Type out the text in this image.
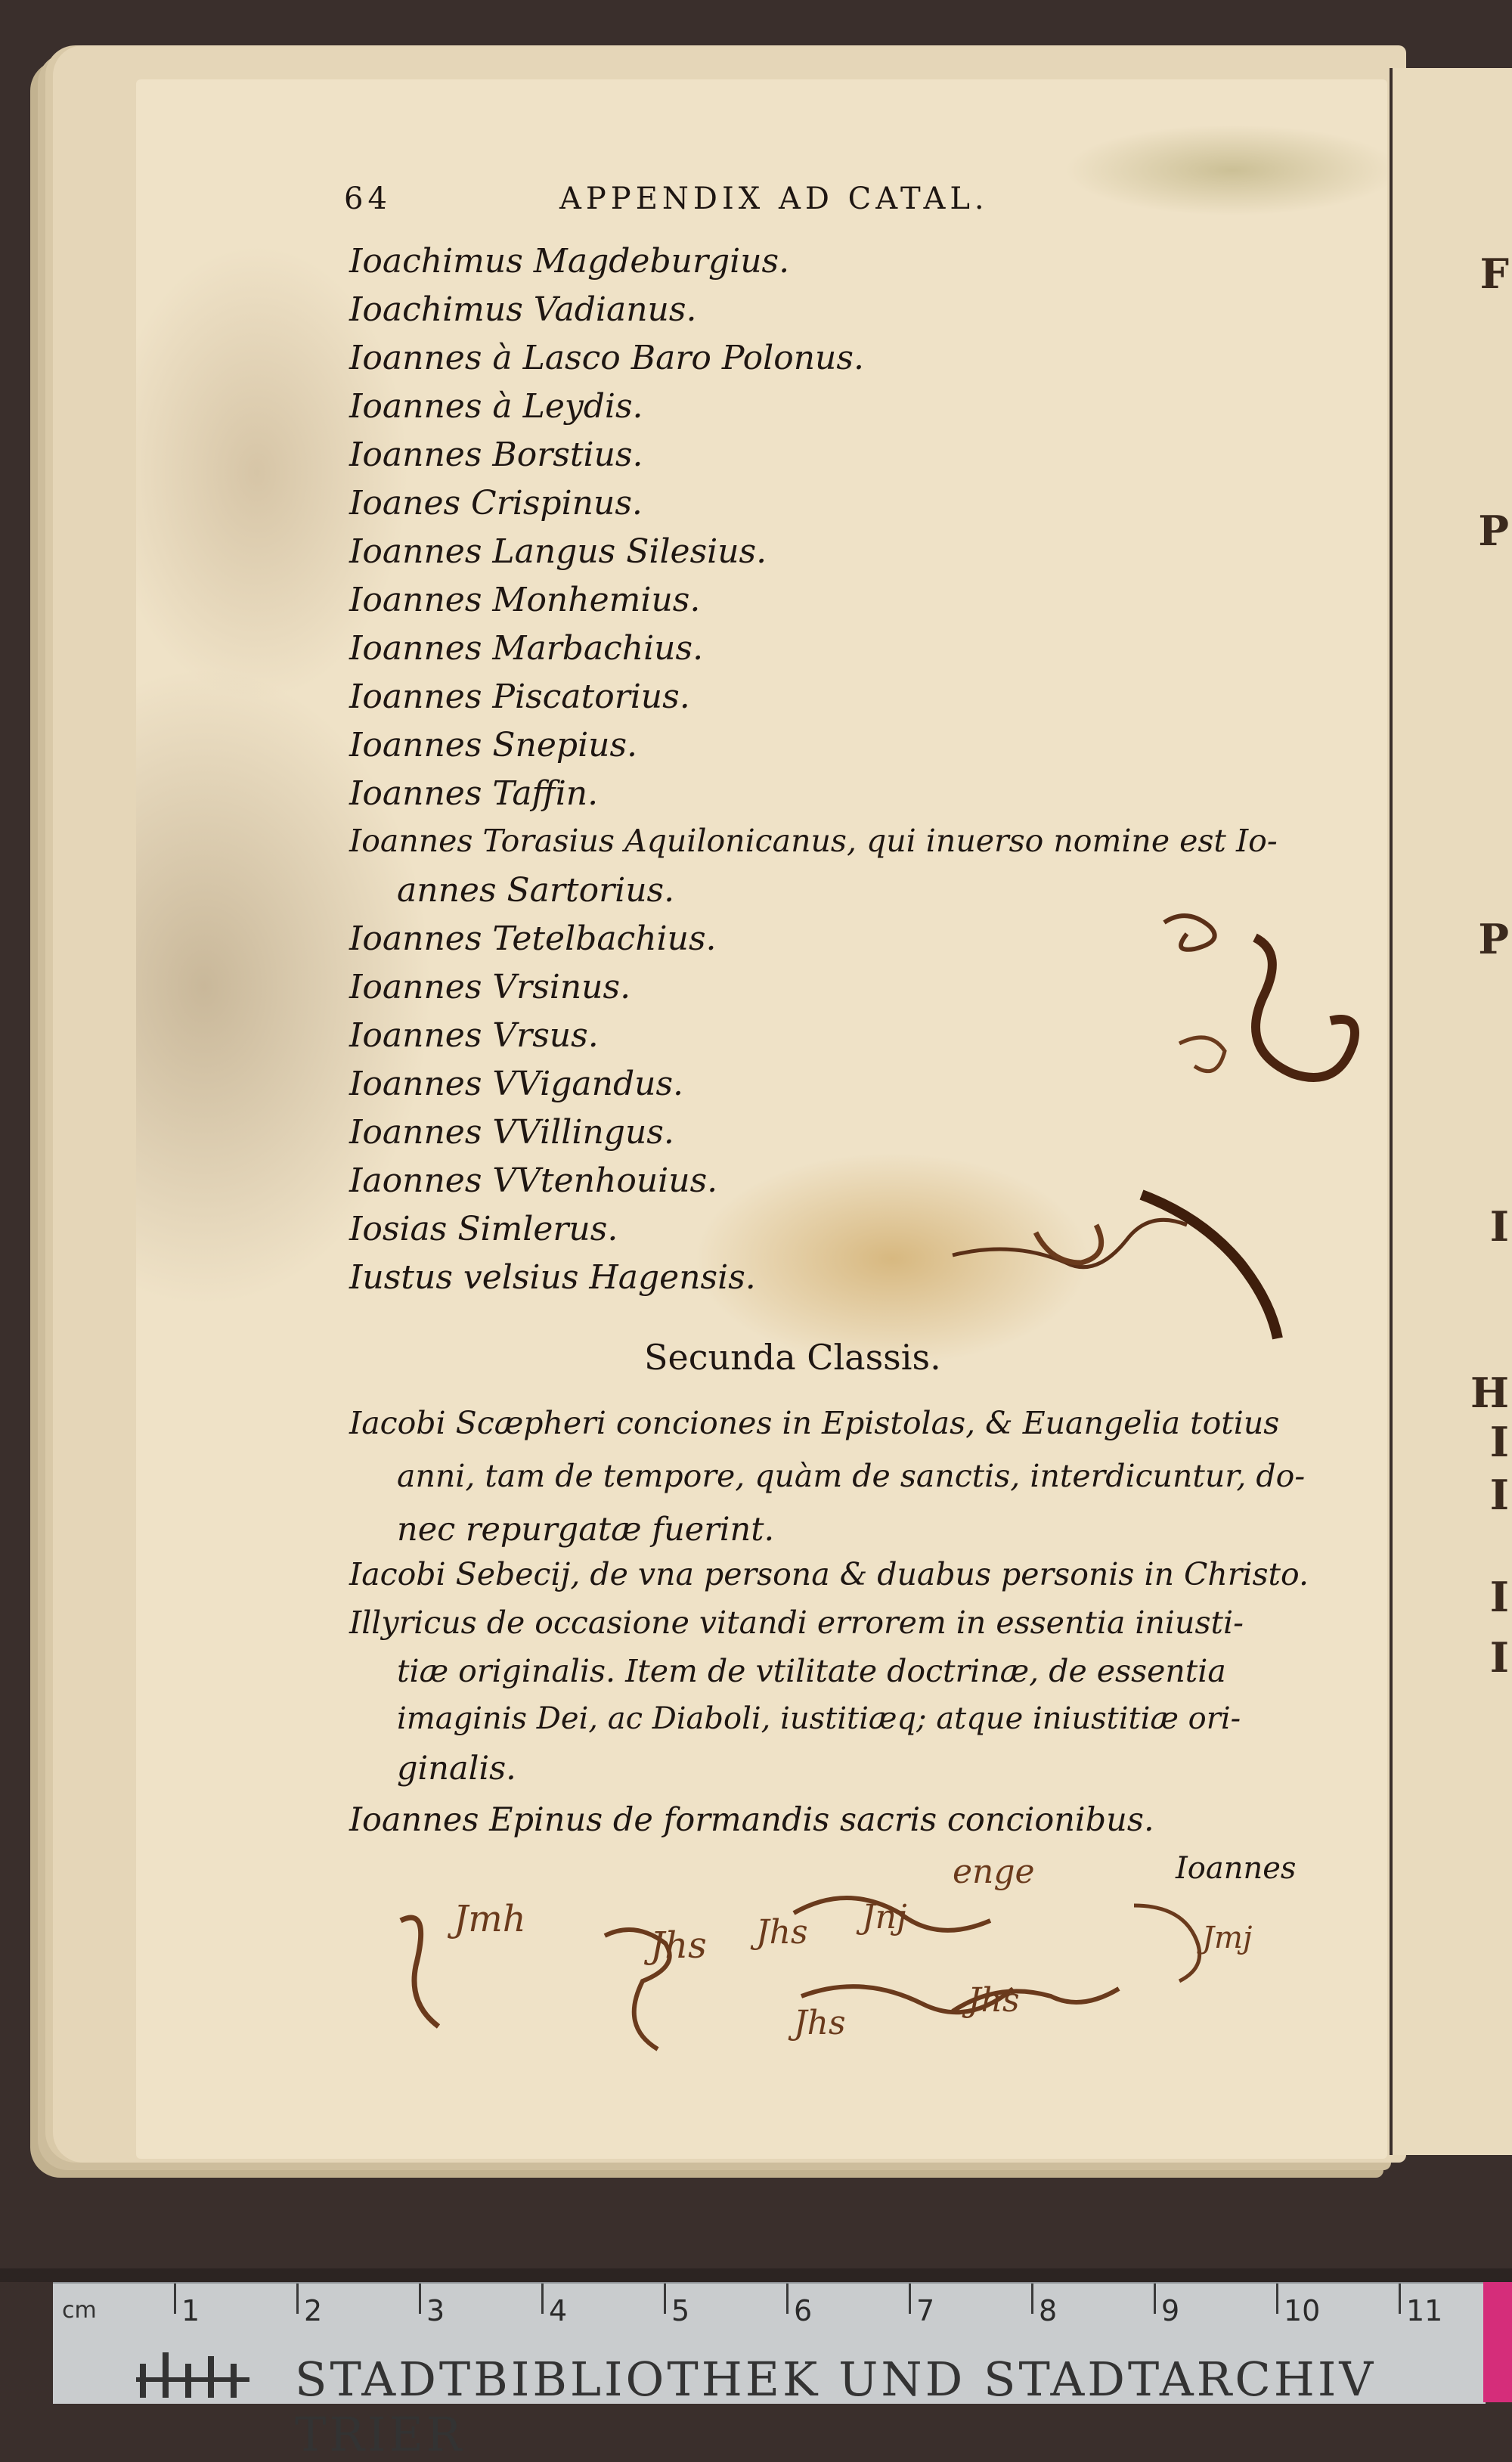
F
P
P
I
H
I
I
I
I
64	APPENDIX AD CATAL.
Ioachimus Magdeburgius.
Ioachimus Vadianus.
Ioannes à Lasco Baro Polonus.
Ioannes à Leydis.
Ioannes Borstius.
Ioanes Crispinus.
Ioannes Langus Silesius.
Ioannes Monhemius.
Ioannes Marbachius.
Ioannes Piscatorius.
Ioannes Snepius.
Ioannes Taffin.
Ioannes Torasius Aquilonicanus, qui inuerso nomine est Io-
annes Sartorius.
Ioannes Tetelbachius.
Ioannes Vrsinus.
Ioannes Vrsus.
Ioannes VVigandus.
Ioannes VVillingus.
Iaonnes VVtenhouius.
Iosias Simlerus.
Iustus velsius Hagensis.
Secunda Classis.
Iacobi Scæpheri conciones in Epistolas, & Euangelia totius
anni, tam de tempore, quàm de sanctis, interdicuntur, do-
nec repurgatæ fuerint.
Iacobi Sebecij, de vna persona & duabus personis in Christo.
Illyricus de occasione vitandi errorem in essentia iniusti-
tiæ originalis. Item de vtilitate doctrinæ, de essentia
imaginis Dei, ac Diaboli, iustitiæq; atque iniustitiæ ori-
ginalis.
Ioannes Epinus de formandis sacris concionibus.
Ioannes
Jmh
Jhs Jhs Jnj
enge
Jhs
Jhs
Jmj
cm	1	2	3	4	5	6	7	8	9	10	11
STADTBIBLIOTHEK UND STADTARCHIV TRIER
